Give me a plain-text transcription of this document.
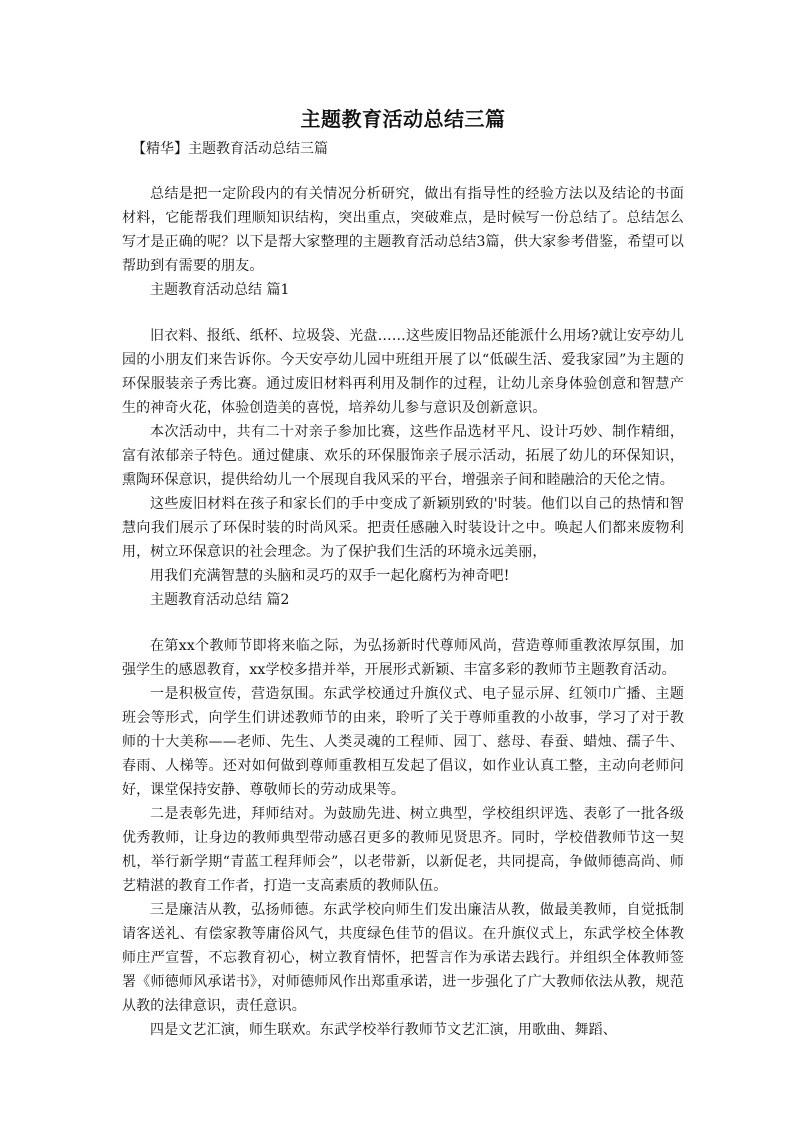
主题教育活动总结三篇
【精华】主题教育活动总结三篇

总结是把一定阶段内的有关情况分析研究，做出有指导性的经验方法以及结论的书面材料，它能帮我们理顺知识结构，突出重点，突破难点，是时候写一份总结了。总结怎么写才是正确的呢？以下是帮大家整理的主题教育活动总结3篇，供大家参考借鉴，希望可以帮助到有需要的朋友。

主题教育活动总结 篇1

旧衣料、报纸、纸杯、垃圾袋、光盘……这些废旧物品还能派什么用场?就让安亭幼儿园的小朋友们来告诉你。今天安亭幼儿园中班组开展了以“低碳生活、爱我家园”为主题的环保服装亲子秀比赛。通过废旧材料再利用及制作的过程，让幼儿亲身体验创意和智慧产生的神奇火花，体验创造美的喜悦，培养幼儿参与意识及创新意识。

本次活动中，共有二十对亲子参加比赛，这些作品选材平凡、设计巧妙、制作精细，富有浓郁亲子特色。通过健康、欢乐的环保服饰亲子展示活动，拓展了幼儿的环保知识，熏陶环保意识，提供给幼儿一个展现自我风采的平台，增强亲子间和睦融洽的天伦之情。

这些废旧材料在孩子和家长们的手中变成了新颖别致的'时装。他们以自己的热情和智慧向我们展示了环保时装的时尚风采。把责任感融入时装设计之中。唤起人们都来废物利用，树立环保意识的社会理念。为了保护我们生活的环境永远美丽，

用我们充满智慧的头脑和灵巧的双手一起化腐朽为神奇吧!

主题教育活动总结 篇2

在第xx个教师节即将来临之际，为弘扬新时代尊师风尚，营造尊师重教浓厚氛围，加强学生的感恩教育，xx学校多措并举，开展形式新颖、丰富多彩的教师节主题教育活动。

一是积极宣传，营造氛围。东武学校通过升旗仪式、电子显示屏、红领巾广播、主题班会等形式，向学生们讲述教师节的由来，聆听了关于尊师重教的小故事，学习了对于教师的十大美称——老师、先生、人类灵魂的工程师、园丁、慈母、春蚕、蜡烛、孺子牛、春雨、人梯等。还对如何做到尊师重教相互发起了倡议，如作业认真工整，主动向老师问好，课堂保持安静、尊敬师长的劳动成果等。

二是表彰先进，拜师结对。为鼓励先进、树立典型，学校组织评选、表彰了一批各级优秀教师，让身边的教师典型带动感召更多的教师见贤思齐。同时，学校借教师节这一契机，举行新学期“青蓝工程拜师会”，以老带新，以新促老，共同提高，争做师德高尚、师艺精湛的教育工作者，打造一支高素质的教师队伍。

三是廉洁从教，弘扬师德。东武学校向师生们发出廉洁从教，做最美教师，自觉抵制请客送礼、有偿家教等庸俗风气，共度绿色佳节的倡议。在升旗仪式上，东武学校全体教师庄严宣誓，不忘教育初心，树立教育情怀，把誓言作为承诺去践行。并组织全体教师签署《师德师风承诺书》，对师德师风作出郑重承诺，进一步强化了广大教师依法从教，规范从教的法律意识，责任意识。

四是文艺汇演，师生联欢。东武学校举行教师节文艺汇演，用歌曲、舞蹈、
